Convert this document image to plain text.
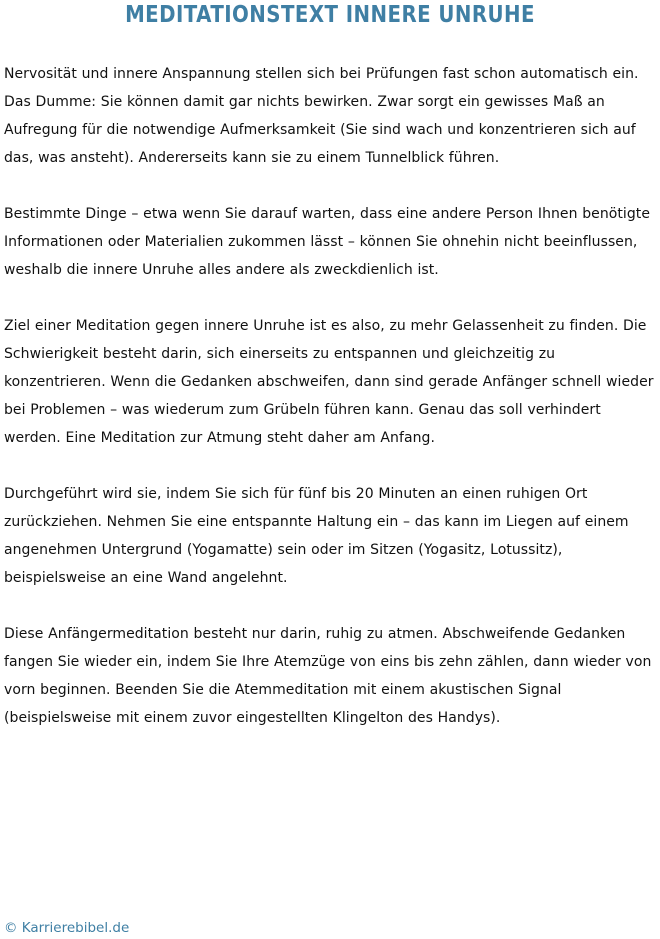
MEDITATIONSTEXT INNERE UNRUHE

Nervosität und innere Anspannung stellen sich bei Prüfungen fast schon automatisch ein. Das Dumme: Sie können damit gar nichts bewirken. Zwar sorgt ein gewisses Maß an Aufregung für die notwendige Aufmerksamkeit (Sie sind wach und konzentrieren sich auf das, was ansteht). Andererseits kann sie zu einem Tunnelblick führen.

Bestimmte Dinge – etwa wenn Sie darauf warten, dass eine andere Person Ihnen benötigte Informationen oder Materialien zukommen lässt – können Sie ohnehin nicht beeinflussen, weshalb die innere Unruhe alles andere als zweckdienlich ist.

Ziel einer Meditation gegen innere Unruhe ist es also, zu mehr Gelassenheit zu finden. Die Schwierigkeit besteht darin, sich einerseits zu entspannen und gleichzeitig zu konzentrieren. Wenn die Gedanken abschweifen, dann sind gerade Anfänger schnell wieder bei Problemen – was wiederum zum Grübeln führen kann. Genau das soll verhindert werden. Eine Meditation zur Atmung steht daher am Anfang.

Durchgeführt wird sie, indem Sie sich für fünf bis 20 Minuten an einen ruhigen Ort zurückziehen. Nehmen Sie eine entspannte Haltung ein – das kann im Liegen auf einem angenehmen Untergrund (Yogamatte) sein oder im Sitzen (Yogasitz, Lotussitz), beispielsweise an eine Wand angelehnt.

Diese Anfängermeditation besteht nur darin, ruhig zu atmen. Abschweifende Gedanken fangen Sie wieder ein, indem Sie Ihre Atemzüge von eins bis zehn zählen, dann wieder von vorn beginnen. Beenden Sie die Atemmeditation mit einem akustischen Signal (beispielsweise mit einem zuvor eingestellten Klingelton des Handys).

© Karrierebibel.de
